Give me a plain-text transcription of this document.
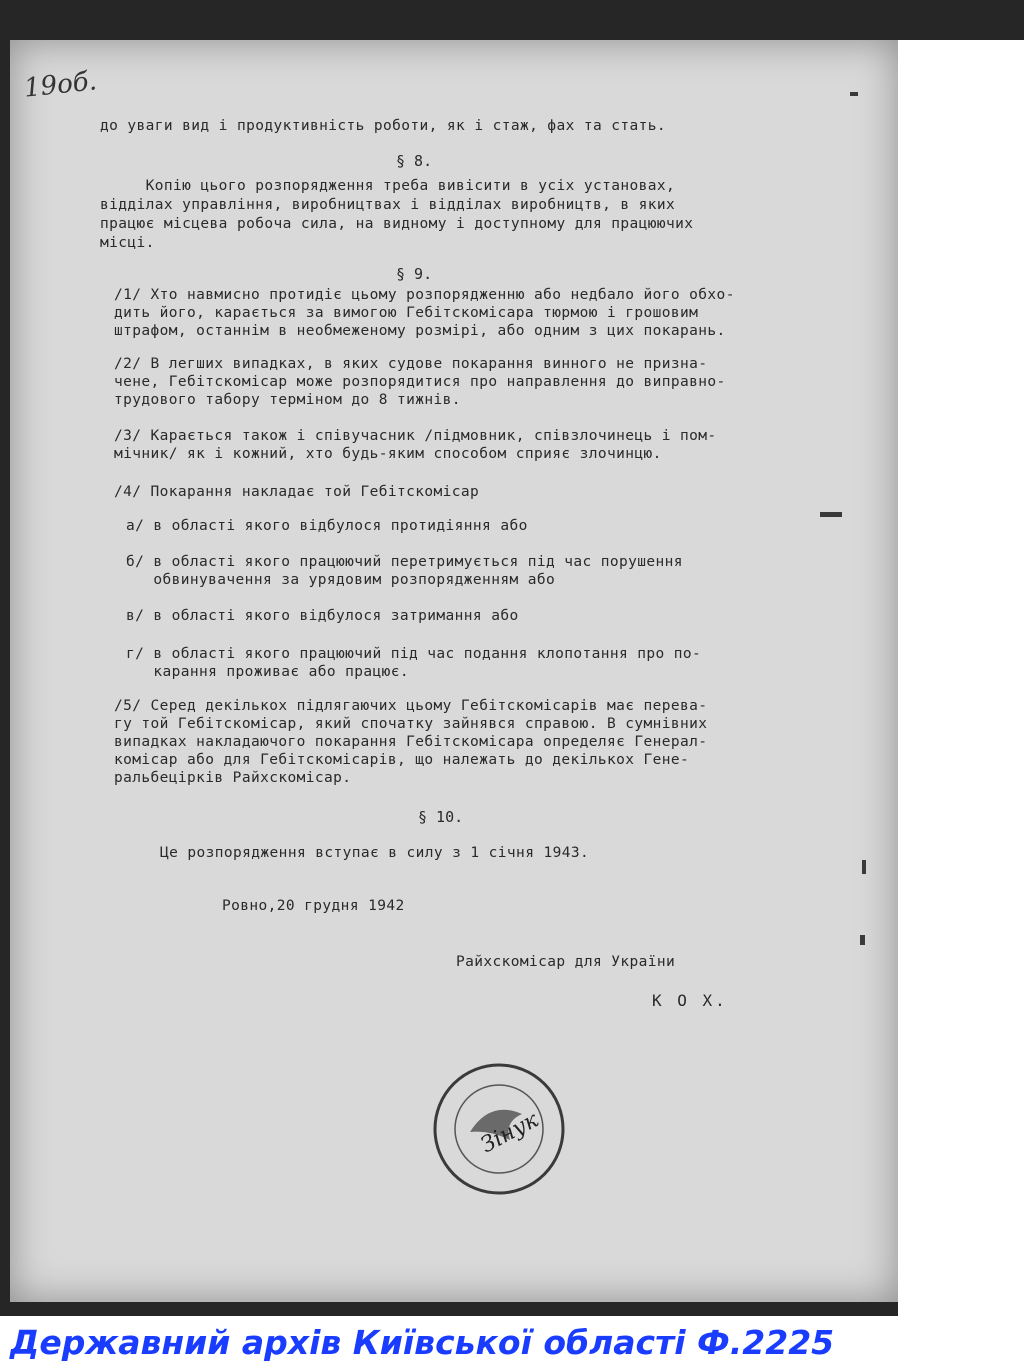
19об.
до уваги вид і продуктивність роботи, як і стаж, фах та стать.
§ 8.
Копію цього розпорядження треба вивісити в усіх установах,
відділах управління, виробництвах і відділах виробництв, в яких
працює місцева робоча сила, на видному і доступному для працюючих
місці.
§ 9.
/1/ Хто навмисно протидіє цьому розпорядженню або недбало його обхо-
дить його, карається за вимогою Гебітскомісара тюрмою і грошовим
штрафом, останнім в необмеженому розмірі, або одним з цих покарань.
/2/ В легших випадках, в яких судове покарання винного не призна-
чене, Гебітскомісар може розпорядитися про направлення до виправно-
трудового табору терміном до 8 тижнів.
/3/ Карається також і співучасник /підмовник, співзлочинець і пом-
мічник/ як і кожний, хто будь-яким способом сприяє злочинцю.
/4/ Покарання накладає той Гебітскомісар
а/ в області якого відбулося протидіяння або
б/ в області якого працюючий перетримується під час порушення
обвинувачення за урядовим розпорядженням або
в/ в області якого відбулося затримання або
г/ в області якого працюючий під час подання клопотання про по-
карання проживає або працює.
/5/ Серед декількох підлягаючих цьому Гебітскомісарів має перева-
гу той Гебітскомісар, який спочатку зайнявся справою. В сумнівних
випадках накладаючого покарання Гебітскомісара определяє Генерал-
комісар або для Гебітскомісарів, що належать до декількох Гене-
ральбецірків Райхскомісар.
§ 10.
Це розпорядження вступає в силу з 1 січня 1943.
Ровно,20 грудня 1942
Райхскомісар для України
К О Х.
Зінук
Державний архів Київської області Ф.2225
